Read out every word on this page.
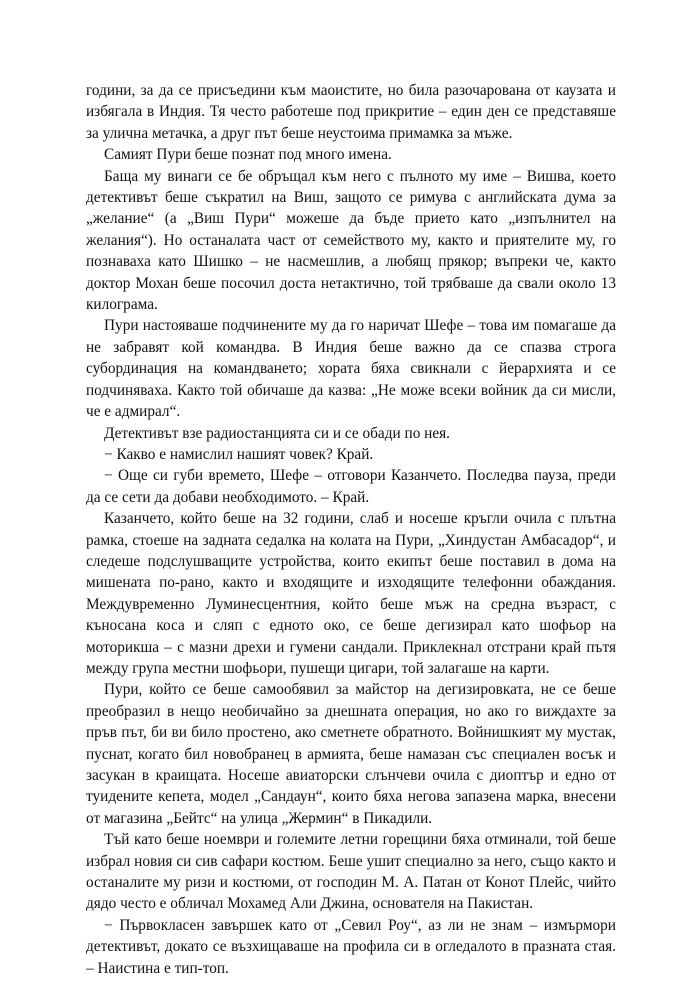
години, за да се присъедини към маоистите, но била разочарована от каузата и избягала в Индия. Тя често работеше под прикритие – един ден се представяше за улична метачка, а друг път беше неустоима примамка за мъже.

Самият Пури беше познат под много имена.

Баща му винаги се бе обръщал към него с пълното му име – Вишва, което детективът беше съкратил на Виш, защото се римува с английската дума за „желание“ (а „Виш Пури“ можеше да бъде прието като „изпълнител на желания“). Но останалата част от семейството му, както и приятелите му, го познаваха като Шишко – не насмешлив, а любящ прякор; въпреки че, както доктор Мохан беше посочил доста нетактично, той трябваше да свали около 13 килограма.

Пури настояваше подчинените му да го наричат Шефе – това им помагаше да не забравят кой командва. В Индия беше важно да се спазва строга субординация на командването; хората бяха свикнали с йерархията и се подчиняваха. Както той обичаше да казва: „Не може всеки войник да си мисли, че е адмирал“.

Детективът взе радиостанцията си и се обади по нея.

− Какво е намислил нашият човек? Край.

− Още си губи времето, Шефе – отговори Казанчето. Последва пауза, преди да се сети да добави необходимото. – Край.

Казанчето, който беше на 32 години, слаб и носеше кръгли очила с плътна рамка, стоеше на задната седалка на колата на Пури, „Хиндустан Амбасадор“, и следеше подслушващите устройства, които екипът беше поставил в дома на мишената по-рано, както и входящите и изходящите телефонни обаждания. Междувременно Луминесцентния, който беше мъж на средна възраст, с къносана коса и сляп с едното око, се беше дегизирал като шофьор на моторикша – с мазни дрехи и гумени сандали. Приклекнал отстрани край пътя между група местни шофьори, пушещи цигари, той залагаше на карти.

Пури, който се беше самообявил за майстор на дегизировката, не се беше преобразил в нещо необичайно за днешната операция, но ако го виждахте за пръв път, би ви било простено, ако сметнете обратното. Войнишкият му мустак, пуснат, когато бил новобранец в армията, беше намазан със специален восък и засукан в краищата. Носеше авиаторски слънчеви очила с диоптър и едно от туидените кепета, модел „Сандаун“, които бяха негова запазена марка, внесени от магазина „Бейтс“ на улица „Жермин“ в Пикадили.

Тъй като беше ноември и големите летни горещини бяха отминали, той беше избрал новия си сив сафари костюм. Беше ушит специално за него, също както и останалите му ризи и костюми, от господин М. А. Патан от Конот Плейс, чийто дядо често е обличал Мохамед Али Джина, основателя на Пакистан.

− Първокласен завършек като от „Севил Роу“, аз ли не знам – измърмори детективът, докато се възхищаваше на профила си в огледалото в празната стая. – Наистина е тип-топ.
